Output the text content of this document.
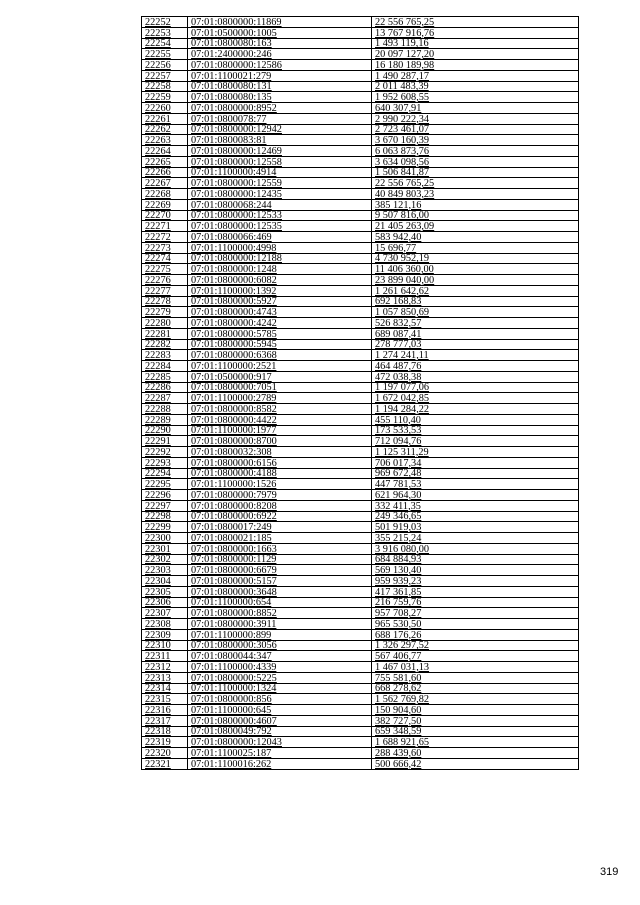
22252	07:01:0800000:11869	22 556 765,25
22253	07:01:0500000:1005	13 767 916,76
22254	07:01:0800080:163	1 493 119,16
22255	07:01:2400000:246	20 097 127,20
22256	07:01:0800000:12586	16 180 189,98
22257	07:01:1100021:279	1 490 287,17
22258	07:01:0800080:131	2 011 483,39
22259	07:01:0800080:135	1 952 608,55
22260	07:01:0800000:8952	640 307,91
22261	07:01:0800078:77	2 990 222,34
22262	07:01:0800000:12942	2 723 461,07
22263	07:01:0800083:81	3 670 160,39
22264	07:01:0800000:12469	6 063 873,76
22265	07:01:0800000:12558	3 634 098,56
22266	07:01:1100000:4914	1 506 841,87
22267	07:01:0800000:12559	22 556 765,25
22268	07:01:0800000:12435	40 849 803,23
22269	07:01:0800068:244	385 121,16
22270	07:01:0800000:12533	9 507 816,00
22271	07:01:0800000:12535	21 405 263,09
22272	07:01:0800066:469	583 942,40
22273	07:01:1100000:4998	15 696,77
22274	07:01:0800000:12188	4 730 952,19
22275	07:01:0800000:1248	11 406 360,00
22276	07:01:0800000:6082	23 899 040,00
22277	07:01:1100000:1392	1 261 642,62
22278	07:01:0800000:5927	692 168,83
22279	07:01:0800000:4743	1 057 850,69
22280	07:01:0800000:4242	526 832,57
22281	07:01:0800000:5785	689 087,41
22282	07:01:0800000:5945	278 777,03
22283	07:01:0800000:6368	1 274 241,11
22284	07:01:1100000:2521	464 487,76
22285	07:01:0500000:917	472 038,38
22286	07:01:0800000:7051	1 197 077,06
22287	07:01:1100000:2789	1 672 042,85
22288	07:01:0800000:8582	1 194 284,22
22289	07:01:0800000:4422	455 110,40
22290	07:01:1100000:1977	173 533,53
22291	07:01:0800000:8700	712 094,76
22292	07:01:0800032:308	1 125 311,29
22293	07:01:0800000:6156	706 017,34
22294	07:01:0800000:4188	969 672,48
22295	07:01:1100000:1526	447 781,53
22296	07:01:0800000:7979	621 964,30
22297	07:01:0800000:8208	332 411,35
22298	07:01:0800000:6922	249 346,65
22299	07:01:0800017:249	501 919,03
22300	07:01:0800021:185	355 215,24
22301	07:01:0800000:1663	3 916 080,00
22302	07:01:0800000:1129	684 884,93
22303	07:01:0800000:6679	569 130,40
22304	07:01:0800000:5157	959 939,23
22305	07:01:0800000:3648	417 361,85
22306	07:01:1100000:654	216 759,76
22307	07:01:0800000:8852	957 708,27
22308	07:01:0800000:3911	965 530,50
22309	07:01:1100000:899	688 176,26
22310	07:01:0800000:3056	1 326 297,52
22311	07:01:0800044:347	567 406,77
22312	07:01:1100000:4339	1 467 031,13
22313	07:01:0800000:5225	755 581,60
22314	07:01:1100000:1324	668 278,62
22315	07:01:0800000:856	1 562 769,82
22316	07:01:1100000:645	150 904,60
22317	07:01:0800000:4607	382 727,50
22318	07:01:0800049:792	659 348,59
22319	07:01:0800000:12043	1 688 921,65
22320	07:01:1100025:187	288 439,60
22321	07:01:1100016:262	500 666,42
319
